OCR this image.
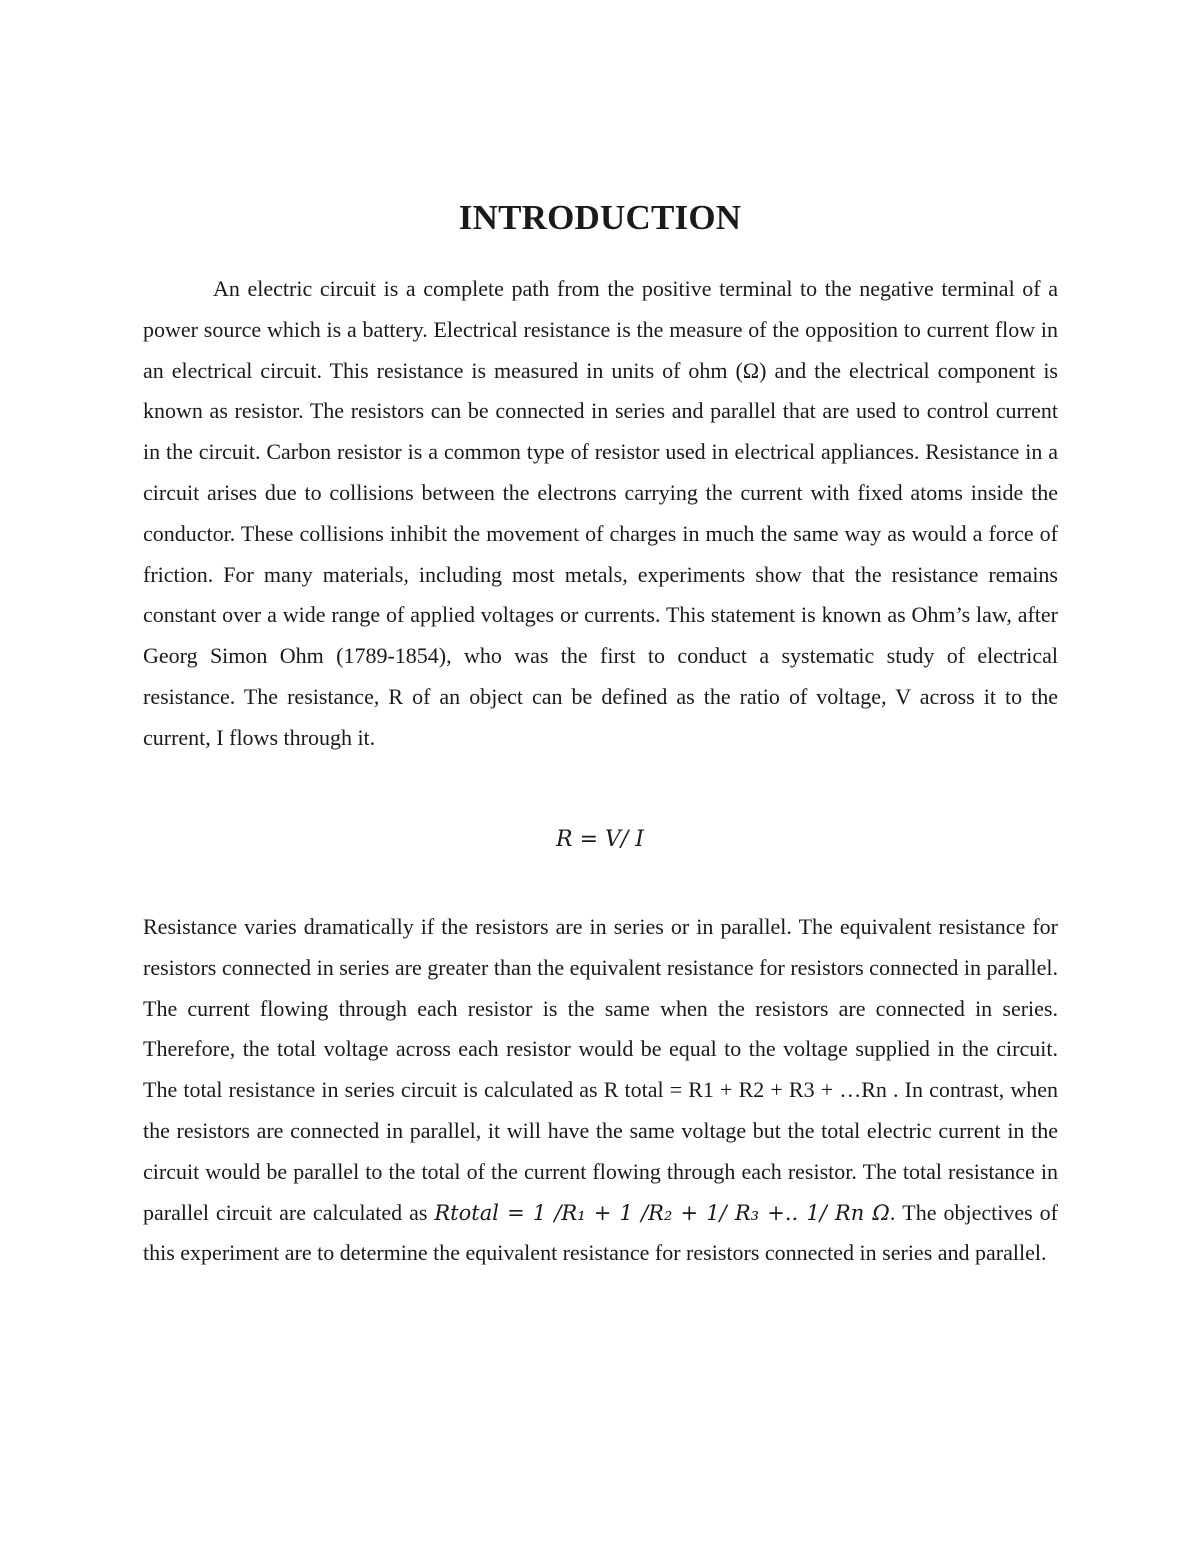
INTRODUCTION

An electric circuit is a complete path from the positive terminal to the negative terminal of a power source which is a battery. Electrical resistance is the measure of the opposition to current flow in an electrical circuit. This resistance is measured in units of ohm (Ω) and the electrical component is known as resistor. The resistors can be connected in series and parallel that are used to control current in the circuit. Carbon resistor is a common type of resistor used in electrical appliances. Resistance in a circuit arises due to collisions between the electrons carrying the current with fixed atoms inside the conductor. These collisions inhibit the movement of charges in much the same way as would a force of friction. For many materials, including most metals, experiments show that the resistance remains constant over a wide range of applied voltages or currents. This statement is known as Ohm’s law, after Georg Simon Ohm (1789-1854), who was the first to conduct a systematic study of electrical resistance. The resistance, R of an object can be defined as the ratio of voltage, V across it to the current, I flows through it.

R = V/ I

Resistance varies dramatically if the resistors are in series or in parallel. The equivalent resistance for resistors connected in series are greater than the equivalent resistance for resistors connected in parallel. The current flowing through each resistor is the same when the resistors are connected in series. Therefore, the total voltage across each resistor would be equal to the voltage supplied in the circuit. The total resistance in series circuit is calculated as R total = R1 + R2 + R3 + …Rn . In contrast, when the resistors are connected in parallel, it will have the same voltage but the total electric current in the circuit would be parallel to the total of the current flowing through each resistor. The total resistance in parallel circuit are calculated as Rtotal = 1 /R₁ + 1 /R₂ + 1/ R₃ +.. 1/ Rn Ω. The objectives of this experiment are to determine the equivalent resistance for resistors connected in series and parallel.
